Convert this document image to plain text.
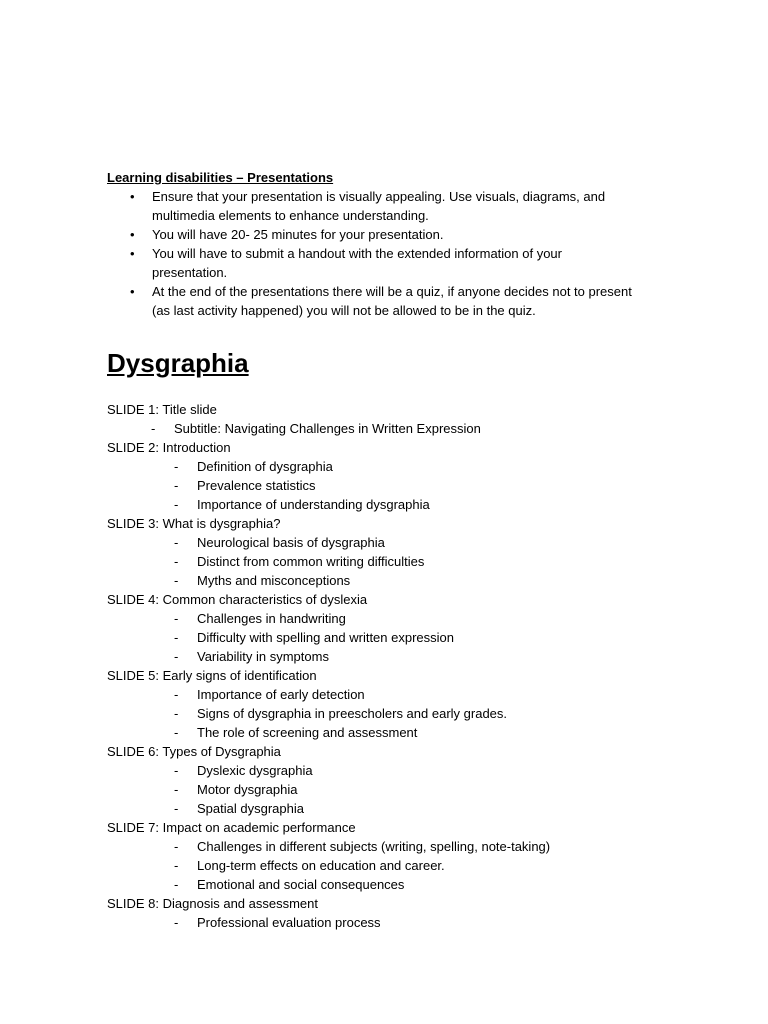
Learning disabilities – Presentations

• Ensure that your presentation is visually appealing. Use visuals, diagrams, and multimedia elements to enhance understanding.
• You will have 20- 25 minutes for your presentation.
• You will have to submit a handout with the extended information of your presentation.
• At the end of the presentations there will be a quiz, if anyone decides not to present (as last activity happened) you will not be allowed to be in the quiz.
Dysgraphia

SLIDE 1: Title slide

- Subtitle: Navigating Challenges in Written Expression

SLIDE 2: Introduction

- Definition of dysgraphia
- Prevalence statistics
- Importance of understanding dysgraphia

SLIDE 3: What is dysgraphia?

- Neurological basis of dysgraphia
- Distinct from common writing difficulties
- Myths and misconceptions

SLIDE 4: Common characteristics of dyslexia

- Challenges in handwriting
- Difficulty with spelling and written expression
- Variability in symptoms

SLIDE 5: Early signs of identification

- Importance of early detection
- Signs of dysgraphia in preescholers and early grades.
- The role of screening and assessment

SLIDE 6: Types of Dysgraphia

- Dyslexic dysgraphia
- Motor dysgraphia
- Spatial dysgraphia

SLIDE 7: Impact on academic performance

- Challenges in different subjects (writing, spelling, note-taking)
- Long-term effects on education and career.
- Emotional and social consequences

SLIDE 8: Diagnosis and assessment

- Professional evaluation process
